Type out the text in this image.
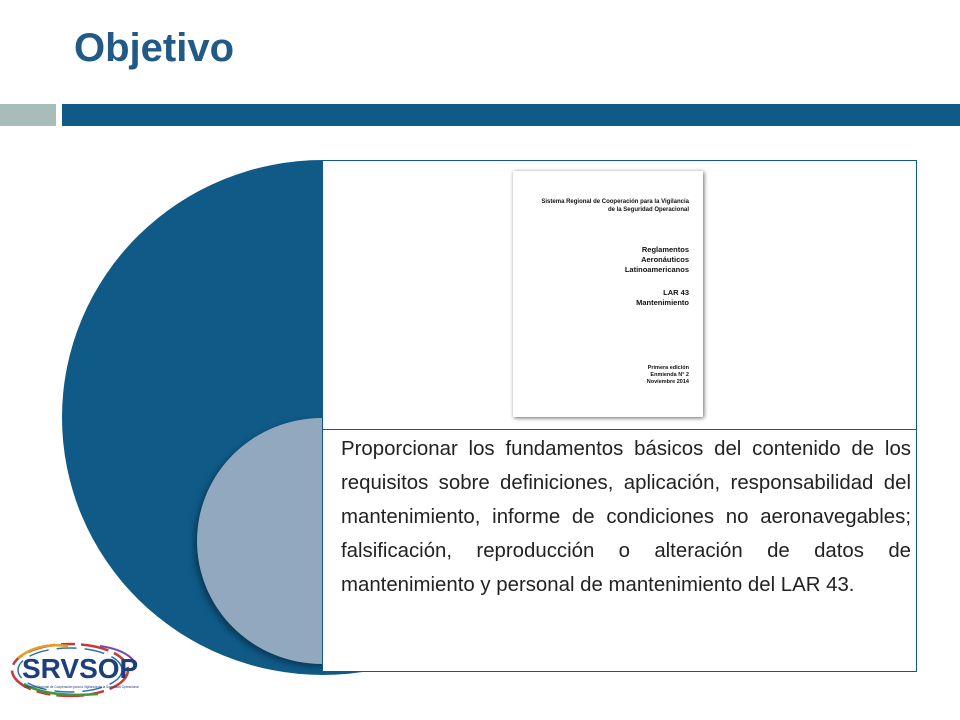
Objetivo
Sistema Regional de Cooperación para la Vigilancia
de la Seguridad Operacional
Reglamentos
Aeronáuticos
Latinoamericanos
LAR 43
Mantenimiento
Primera edición
Enmienda N° 2
Noviembre 2014
Proporcionar los fundamentos básicos del contenido de los requisitos sobre definiciones, aplicación, responsabilidad del mantenimiento, informe de condiciones no aeronavegables; falsificación, reproducción o alteración de datos de mantenimiento y personal de mantenimiento del LAR 43.
SRVSOP
Sistema Regional de Cooperación para la Vigilancia de la Seguridad Operacional
